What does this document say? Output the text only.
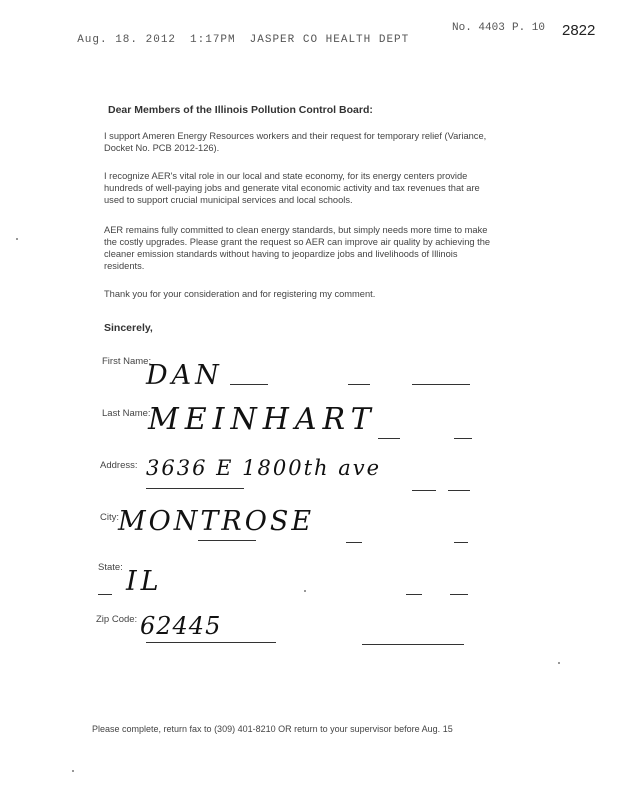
Aug. 18. 2012 1:17PM JASPER CO HEALTH DEPT

No. 4403 P. 10 2822
Dear Members of the Illinois Pollution Control Board:

I support Ameren Energy Resources workers and their request for temporary relief (Variance, Docket No. PCB 2012-126).

I recognize AER's vital role in our local and state economy, for its energy centers provide hundreds of well-paying jobs and generate vital economic activity and tax revenues that are used to support crucial municipal services and local schools.

AER remains fully committed to clean energy standards, but simply needs more time to make the costly upgrades. Please grant the request so AER can improve air quality by achieving the cleaner emission standards without having to jeopardize jobs and livelihoods of Illinois residents.

Thank you for your consideration and for registering my comment.

Sincerely,
First Name:
DAN
Last Name:
MEINHART
Address: 3636 E 1800th ave
City: MONTROSE
State: IL
Zip Code: 62445
Please complete, return fax to (309) 401-8210 OR return to your supervisor before Aug. 15
